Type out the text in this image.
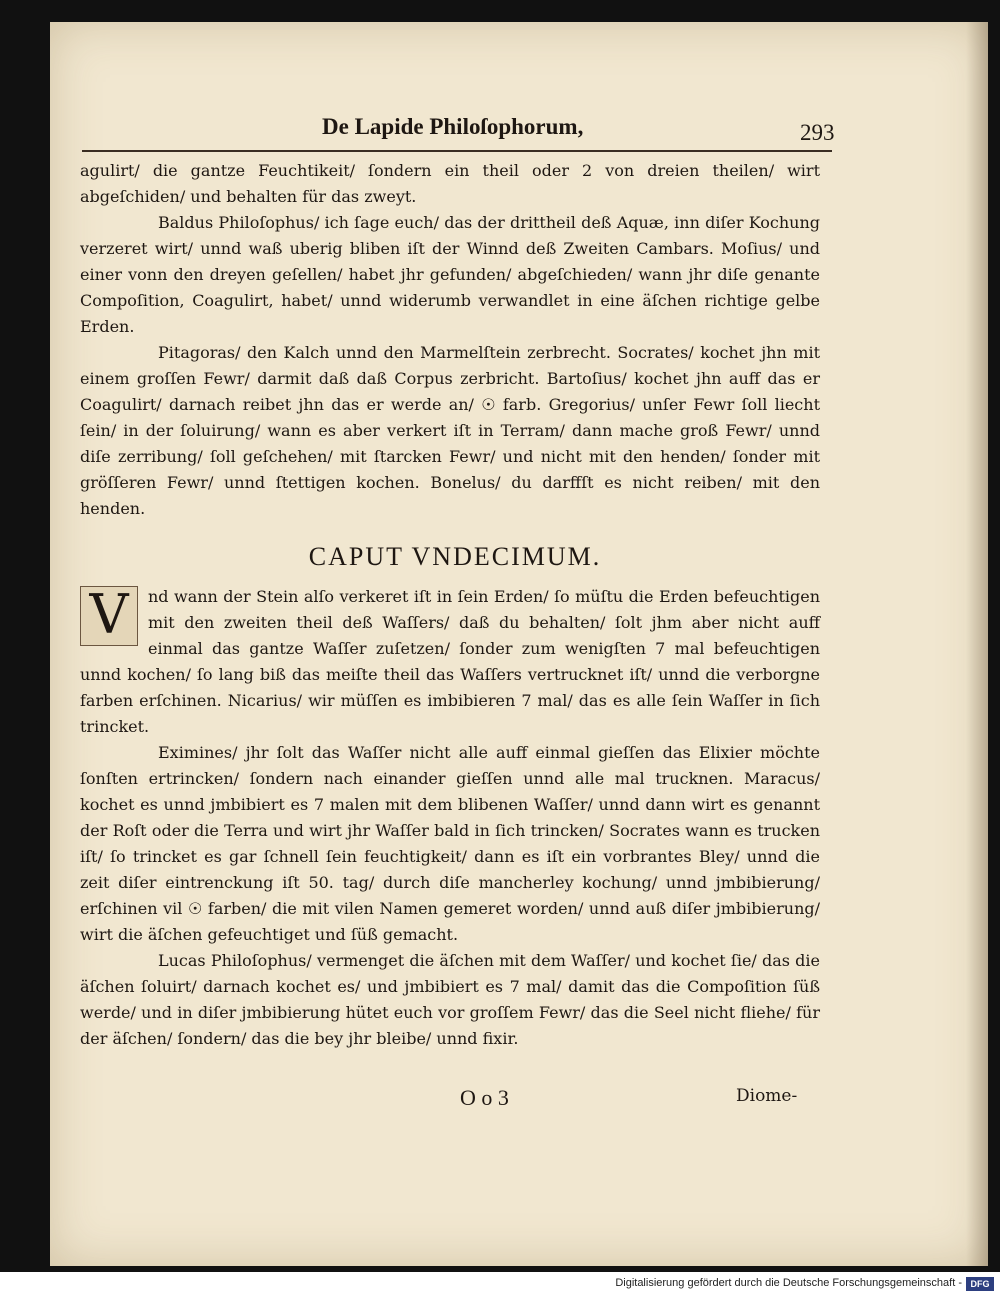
De Lapide Philoſophorum,	293

agulirt/ die gantze Feuchtikeit/ ſondern ein theil oder 2 von dreien theilen/ wirt abgeſchiden/ und behalten für das zweyt.

Baldus Philoſophus/ ich ſage euch/ das der drittheil deß Aquæ, inn diſer Kochung verzeret wirt/ unnd waß uberig bliben iſt der Winnd deß Zweiten Cambars. Moſius/ und einer vonn den dreyen geſellen/ habet jhr gefunden/ abgeſchieden/ wann jhr diſe genante Compoſition, Coagulirt, habet/ unnd widerumb verwandlet in eine äſchen richtige gelbe Erden.

Pitagoras/ den Kalch unnd den Marmelſtein zerbrecht. Socrates/ kochet jhn mit einem groſſen Fewr/ darmit daß daß Corpus zerbricht. Bartoſius/ kochet jhn auff das er Coagulirt/ darnach reibet jhn das er werde an/ ☉ farb. Gregorius/ unſer Fewr ſoll liecht ſein/ in der ſoluirung/ wann es aber verkert iſt in Terram/ dann mache groß Fewr/ unnd diſe zerribung/ ſoll geſchehen/ mit ſtarcken Fewr/ und nicht mit den henden/ ſonder mit gröſſeren Fewr/ unnd ſtettigen kochen. Bonelus/ du darffſt es nicht reiben/ mit den henden.

CAPUT VNDECIMUM.

V	nd wann der Stein alſo verkeret iſt in ſein Erden/ ſo müſtu die Erden befeuchtigen mit den zweiten theil deß Waſſers/ daß du behalten/ ſolt jhm aber nicht auff einmal das gantze Waſſer zuſetzen/ ſonder zum wenigſten 7 mal befeuchtigen unnd kochen/ ſo lang biß das meiſte theil das Waſſers vertrucknet iſt/ unnd die verborgne farben erſchinen. Nicarius/ wir müſſen es imbibieren 7 mal/ das es alle ſein Waſſer in ſich trincket.

Eximines/ jhr ſolt das Waſſer nicht alle auff einmal gieſſen das Elixier möchte ſonſten ertrincken/ ſondern nach einander gieſſen unnd alle mal trucknen. Maracus/ kochet es unnd jmbibiert es 7 malen mit dem blibenen Waſſer/ unnd dann wirt es genannt der Roſt oder die Terra und wirt jhr Waſſer bald in ſich trincken/ Socrates wann es trucken iſt/ ſo trincket es gar ſchnell ſein feuchtigkeit/ dann es iſt ein vorbrantes Bley/ unnd die zeit diſer eintrenckung iſt 50. tag/ durch diſe mancherley kochung/ unnd jmbibierung/ erſchinen vil ☉ farben/ die mit vilen Namen gemeret worden/ unnd auß diſer jmbibierung/ wirt die äſchen gefeuchtiget und ſüß gemacht.

Lucas Philoſophus/ vermenget die äſchen mit dem Waſſer/ und kochet ſie/ das die äſchen ſoluirt/ darnach kochet es/ und jmbibiert es 7 mal/ damit das die Compoſition ſüß werde/ und in diſer jmbibierung hütet euch vor groſſem Fewr/ das die Seel nicht fliehe/ für der äſchen/ ſondern/ das die bey jhr bleibe/ unnd fixir.

O o 3	Diome-

Digitalisierung gefördert durch die Deutsche Forschungsgemeinschaft - DFG
